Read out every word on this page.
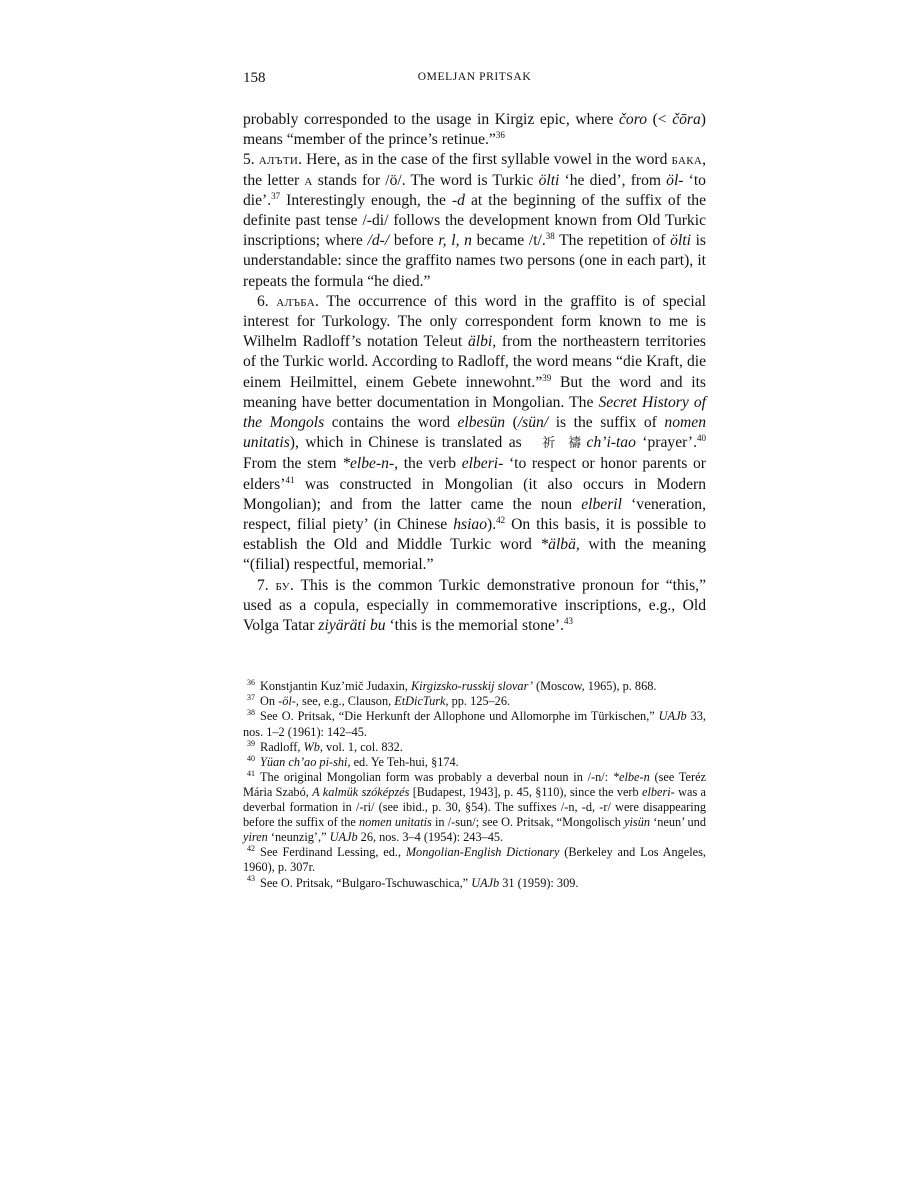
158	OMELJAN PRITSAK

probably corresponded to the usage in Kirgiz epic, where čoro (< čōra) means “member of the prince’s retinue.”$^{36}$

5. алъти. Here, as in the case of the first syllable vowel in the word бака, the letter а stands for /ö/. The word is Turkic ölti ‘he died’, from öl- ‘to die’.$^{37}$ Interestingly enough, the -d at the beginning of the suffix of the definite past tense /-di/ follows the development known from Old Turkic inscriptions; where /d-/ before r, l, n became /t/.$^{38}$ The repetition of ölti is understandable: since the graffito names two persons (one in each part), it repeats the formula “he died.”

6. алъба. The occurrence of this word in the graffito is of special interest for Turkology. The only correspondent form known to me is Wilhelm Radloff’s notation Teleut älbi, from the northeastern territories of the Turkic world. According to Radloff, the word means “die Kraft, die einem Heilmittel, einem Gebete innewohnt.”$^{39}$ But the word and its meaning have better documentation in Mongolian. The Secret History of the Mongols contains the word elbesün (/sün/ is the suffix of nomen unitatis), which in Chinese is translated as 祈 禱 ch’i-tao ‘prayer’.$^{40}$ From the stem *elbe-n-, the verb elberi- ‘to respect or honor parents or elders’$^{41}$ was constructed in Mongolian (it also occurs in Modern Mongolian); and from the latter came the noun elberil ‘veneration, respect, filial piety’ (in Chinese hsiao).$^{42}$ On this basis, it is possible to establish the Old and Middle Turkic word *älbä, with the meaning “(filial) respectful, memorial.”

7. бу. This is the common Turkic demonstrative pronoun for “this,” used as a copula, especially in commemorative inscriptions, e.g., Old Volga Tatar ziyäräti bu ‘this is the memorial stone’.$^{43}$

$^{36}$ Konstjantin Kuz’mič Judaxin, Kirgizsko-russkij slovar’ (Moscow, 1965), p. 868.

$^{37}$ On -öl-, see, e.g., Clauson, EtDicTurk, pp. 125–26.

$^{38}$ See O. Pritsak, “Die Herkunft der Allophone und Allomorphe im Türkischen,” UAJb 33, nos. 1–2 (1961): 142–45.

$^{39}$ Radloff, Wb, vol. 1, col. 832.

$^{40}$ Yüan ch’ao pi-shi, ed. Ye Teh-hui, §174.

$^{41}$ The original Mongolian form was probably a deverbal noun in /-n/: *elbe-n (see Teréz Mária Szabó, A kalmük szóképzés [Budapest, 1943], p. 45, §110), since the verb elberi- was a deverbal formation in /-ri/ (see ibid., p. 30, §54). The suffixes /-n, -d, -r/ were disappearing before the suffix of the nomen unitatis in /-sun/; see O. Pritsak, “Mongolisch yisün ‘neun’ und yiren ‘neunzig’,” UAJb 26, nos. 3–4 (1954): 243–45.

$^{42}$ See Ferdinand Lessing, ed., Mongolian-English Dictionary (Berkeley and Los Angeles, 1960), p. 307r.

$^{43}$ See O. Pritsak, “Bulgaro-Tschuwaschica,” UAJb 31 (1959): 309.
